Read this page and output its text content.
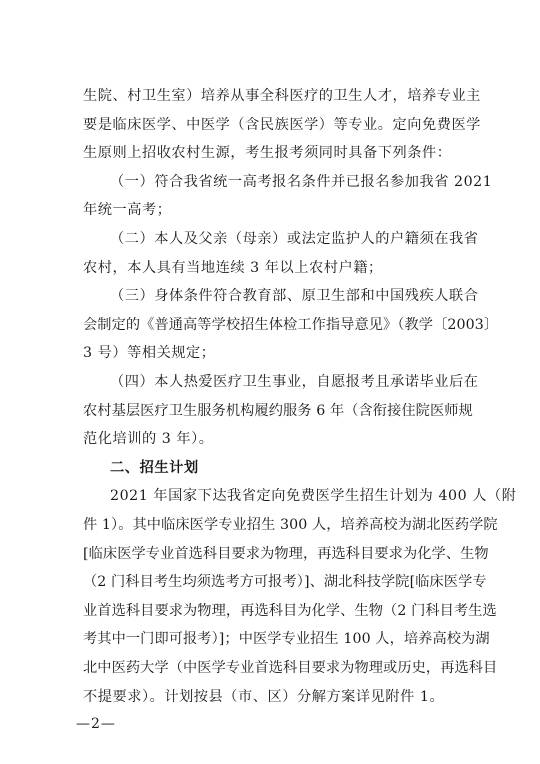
生院、村卫生室）培养从事全科医疗的卫生人才，培养专业主
要是临床医学、中医学（含民族医学）等专业。定向免费医学
生原则上招收农村生源，考生报考须同时具备下列条件：
（一）符合我省统一高考报名条件并已报名参加我省 2021
年统一高考；
（二）本人及父亲（母亲）或法定监护人的户籍须在我省
农村，本人具有当地连续 3 年以上农村户籍；
（三）身体条件符合教育部、原卫生部和中国残疾人联合
会制定的《普通高等学校招生体检工作指导意见》（教学〔2003〕
3 号）等相关规定；
（四）本人热爱医疗卫生事业，自愿报考且承诺毕业后在
农村基层医疗卫生服务机构履约服务 6 年（含衔接住院医师规
范化培训的 3 年）。
二、招生计划
2021 年国家下达我省定向免费医学生招生计划为 400 人（附
件 1）。其中临床医学专业招生 300 人，培养高校为湖北医药学院
[临床医学专业首选科目要求为物理，再选科目要求为化学、生物
（2 门科目考生均须选考方可报考）]、湖北科技学院[临床医学专
业首选科目要求为物理，再选科目为化学、生物（2 门科目考生选
考其中一门即可报考）]；中医学专业招生 100 人，培养高校为湖
北中医药大学（中医学专业首选科目要求为物理或历史，再选科目
不提要求）。计划按县（市、区）分解方案详见附件 1。
—2—
